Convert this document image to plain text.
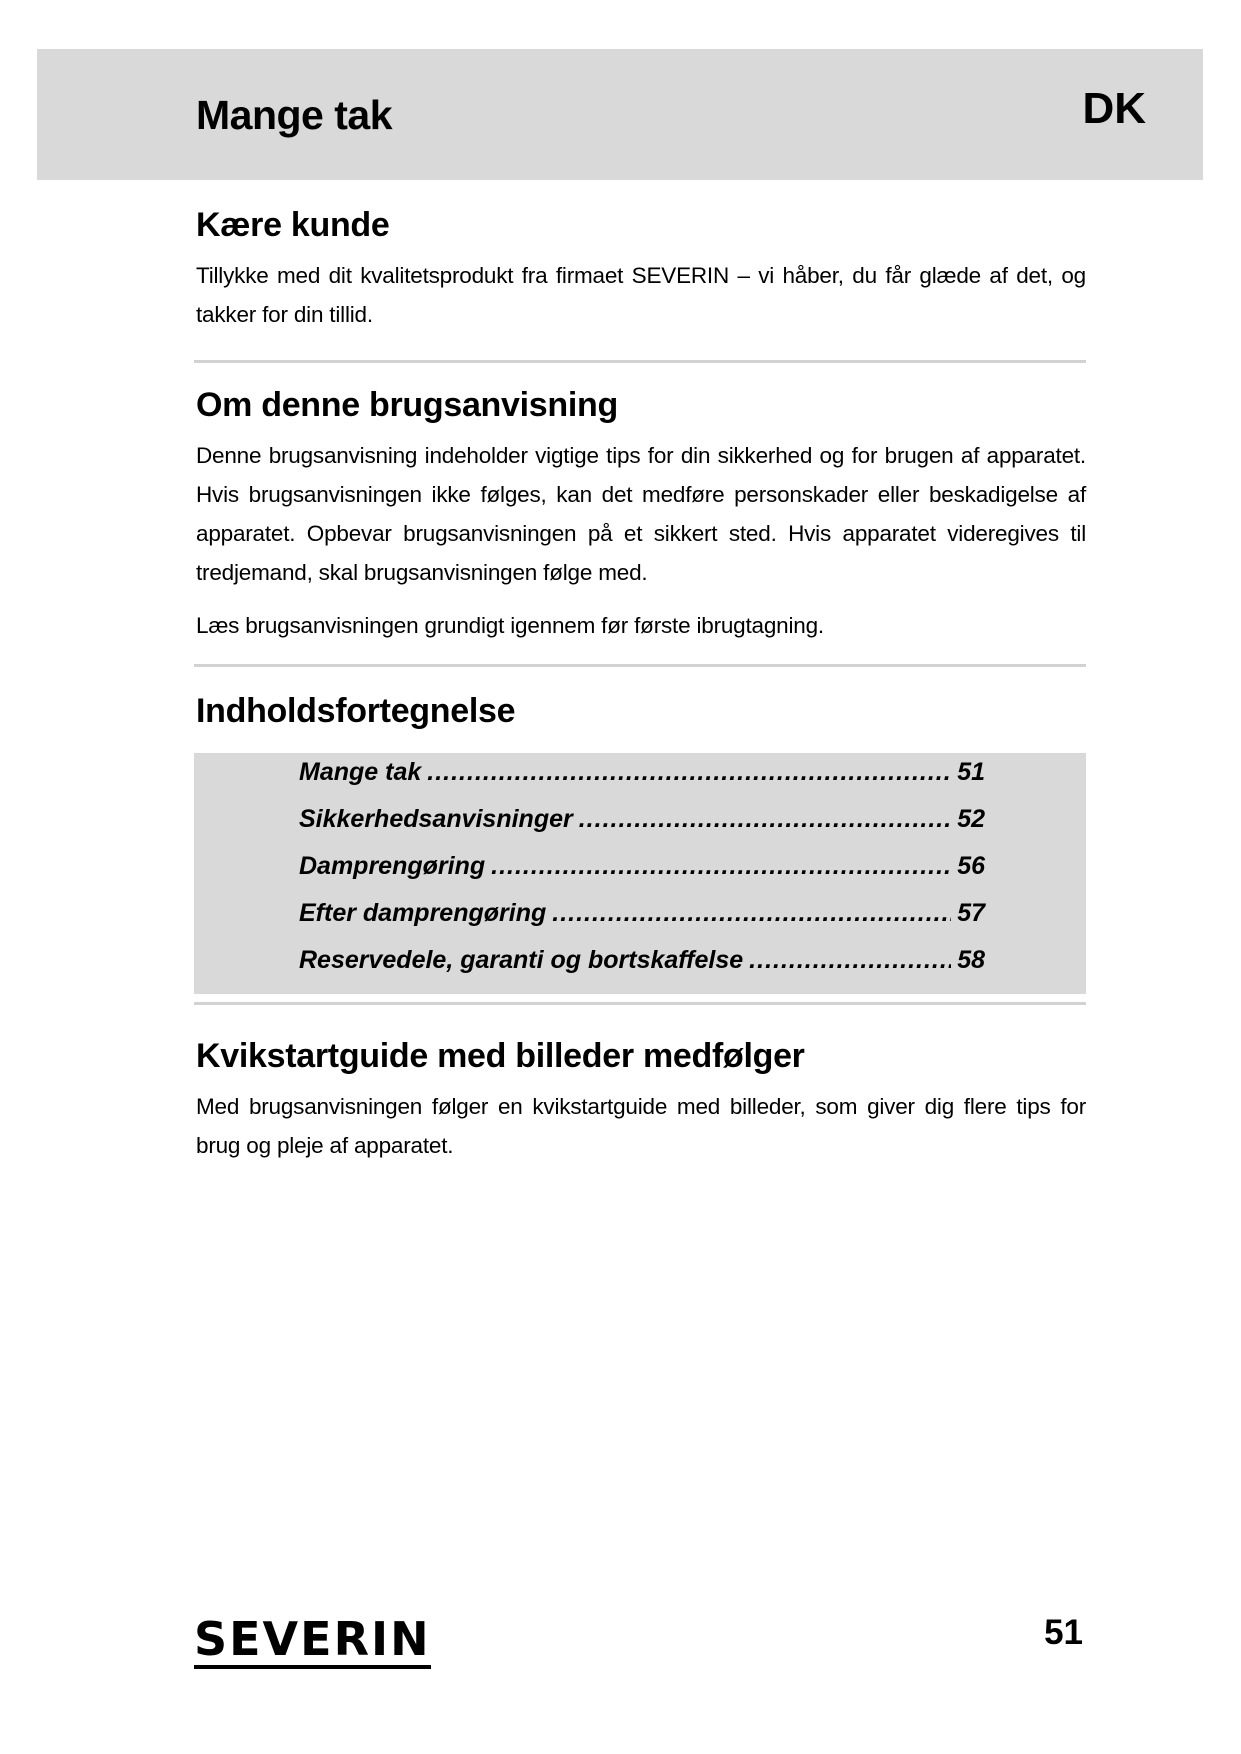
Mange tak	DK
Kære kunde
Tillykke med dit kvalitetsprodukt fra firmaet SEVERIN – vi håber, du får glæde af det, og takker for din tillid.
Om denne brugsanvisning
Denne brugsanvisning indeholder vigtige tips for din sikkerhed og for brugen af apparatet. Hvis brugsanvisningen ikke følges, kan det medføre personskader eller beskadigelse af apparatet. Opbevar brugsanvisningen på et sikkert sted. Hvis apparatet videregives til tredjemand, skal brugsanvisningen følge med.
Læs brugsanvisningen grundigt igennem før første ibrugtagning.
Indholdsfortegnelse
Mange tak .....	51
Sikkerhedsanvisninger .....	52
Damprengøring .....	56
Efter damprengøring .....	57
Reservedele, garanti og bortskaffelse .....	58
Kvikstartguide med billeder medfølger
Med brugsanvisningen følger en kvikstartguide med billeder, som giver dig flere tips for brug og pleje af apparatet.
SEVERIN	51
